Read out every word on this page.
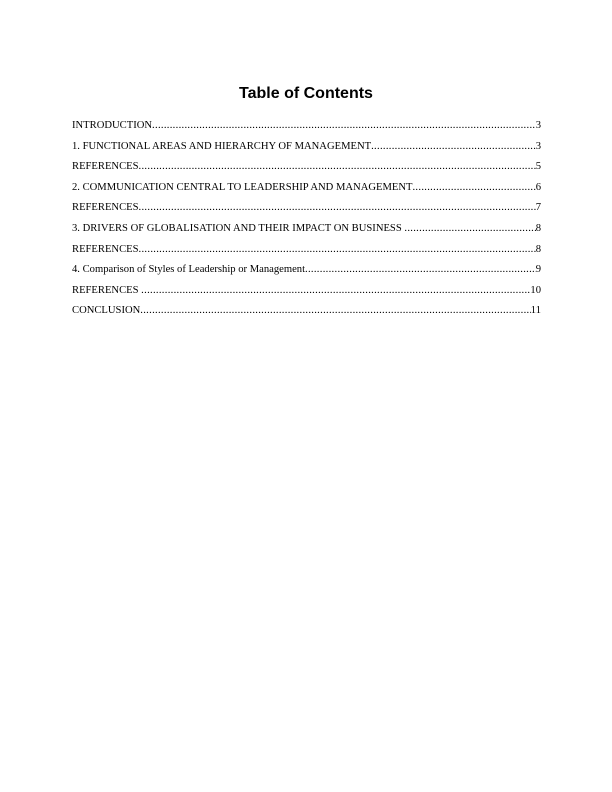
Table of Contents
INTRODUCTION .....	3
1. FUNCTIONAL AREAS AND HIERARCHY OF MANAGEMENT .....	3
REFERENCES .....	5
2. COMMUNICATION CENTRAL TO LEADERSHIP AND MANAGEMENT .....	6
REFERENCES .....	7
3. DRIVERS OF GLOBALISATION AND THEIR IMPACT ON BUSINESS .....	8
REFERENCES .....	8
4. Comparison of Styles of Leadership or Management .....	9
REFERENCES .....	10
CONCLUSION .....	11
